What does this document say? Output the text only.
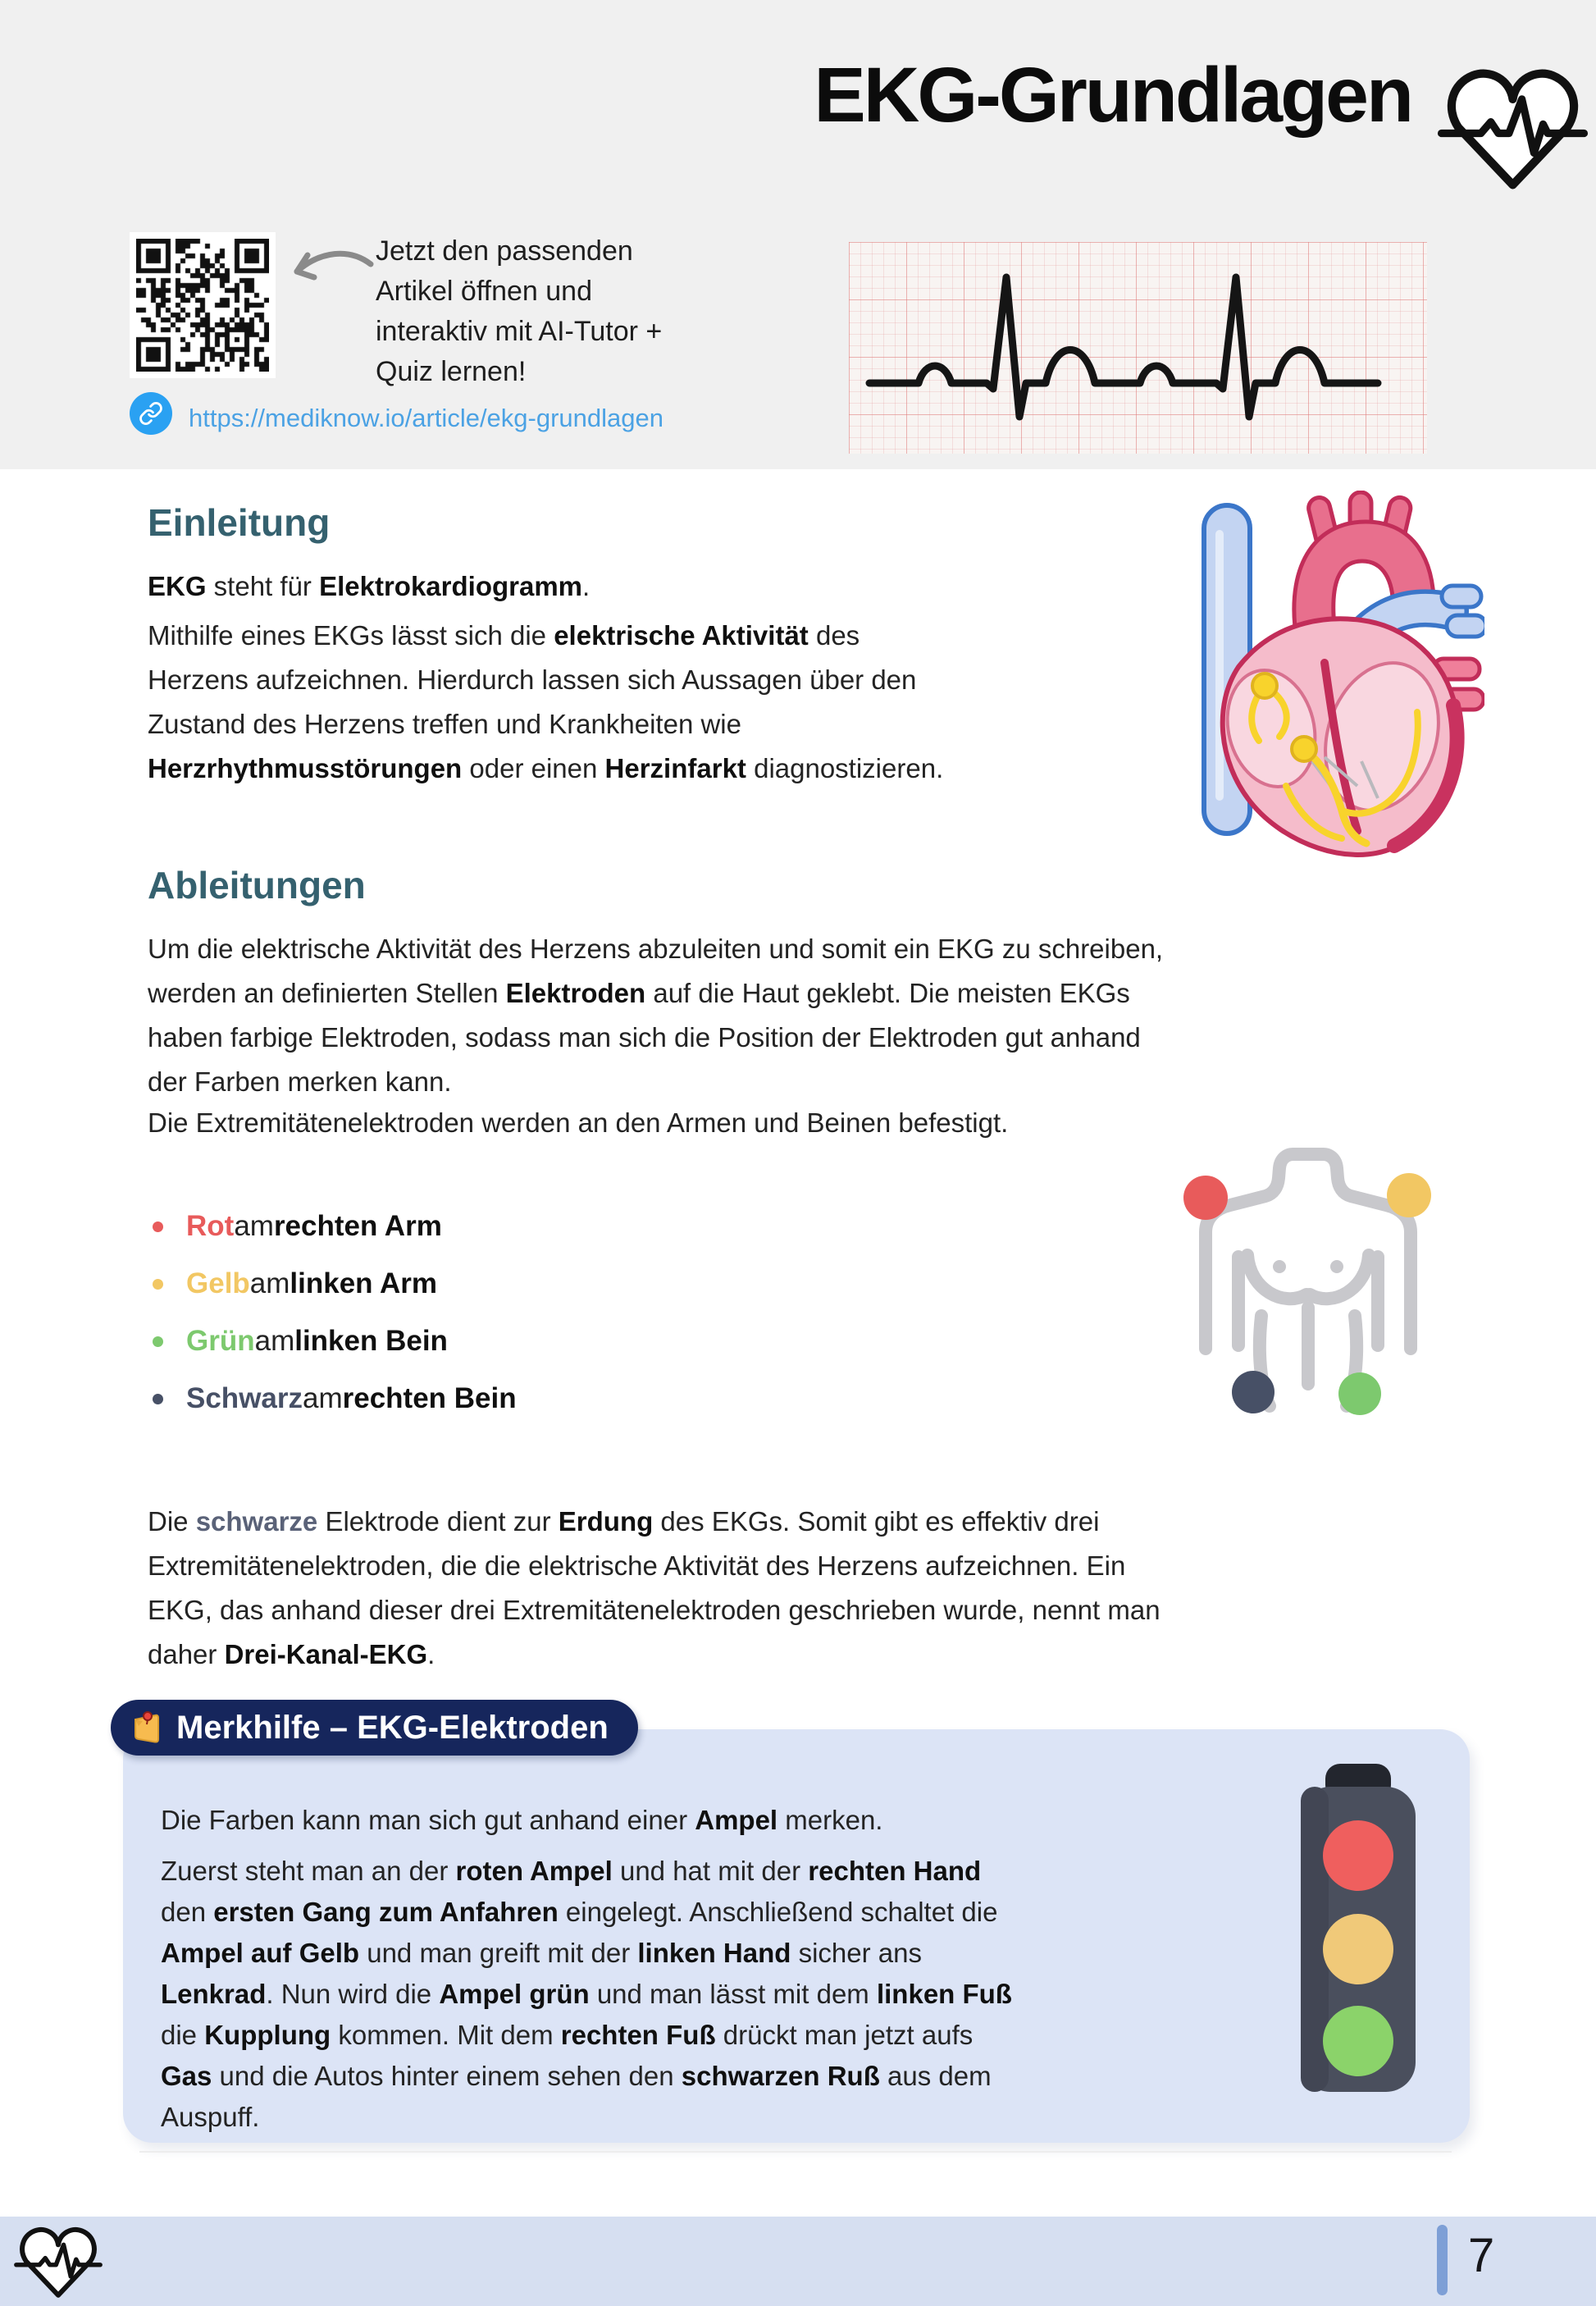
EKG-Grundlagen
Jetzt den passenden
Artikel öffnen und
interaktiv mit AI-Tutor +
Quiz lernen!
https://mediknow.io/article/ekg-grundlagen
Einleitung
EKG steht für Elektrokardiogramm.
Mithilfe eines EKGs lässt sich die elektrische Aktivität des
Herzens aufzeichnen. Hierdurch lassen sich Aussagen über den
Zustand des Herzens treffen und Krankheiten wie
Herzrhythmusstörungen oder einen Herzinfarkt diagnostizieren.
Ableitungen
Um die elektrische Aktivität des Herzens abzuleiten und somit ein EKG zu schreiben,
werden an definierten Stellen Elektroden auf die Haut geklebt. Die meisten EKGs
haben farbige Elektroden, sodass man sich die Position der Elektroden gut anhand
der Farben merken kann.
Die Extremitätenelektroden werden an den Armen und Beinen befestigt.
Rot am rechten Arm
Gelb am linken Arm
Grün am linken Bein
Schwarz am rechten Bein
Die schwarze Elektrode dient zur Erdung des EKGs. Somit gibt es effektiv drei
Extremitätenelektroden, die die elektrische Aktivität des Herzens aufzeichnen. Ein
EKG, das anhand dieser drei Extremitätenelektroden geschrieben wurde, nennt man
daher Drei-Kanal-EKG.
Merkhilfe – EKG-Elektroden
Die Farben kann man sich gut anhand einer Ampel merken.
Zuerst steht man an der roten Ampel und hat mit der rechten Hand
den ersten Gang zum Anfahren eingelegt. Anschließend schaltet die
Ampel auf Gelb und man greift mit der linken Hand sicher ans
Lenkrad. Nun wird die Ampel grün und man lässt mit dem linken Fuß
die Kupplung kommen. Mit dem rechten Fuß drückt man jetzt aufs
Gas und die Autos hinter einem sehen den schwarzen Ruß aus dem
Auspuff.
7
